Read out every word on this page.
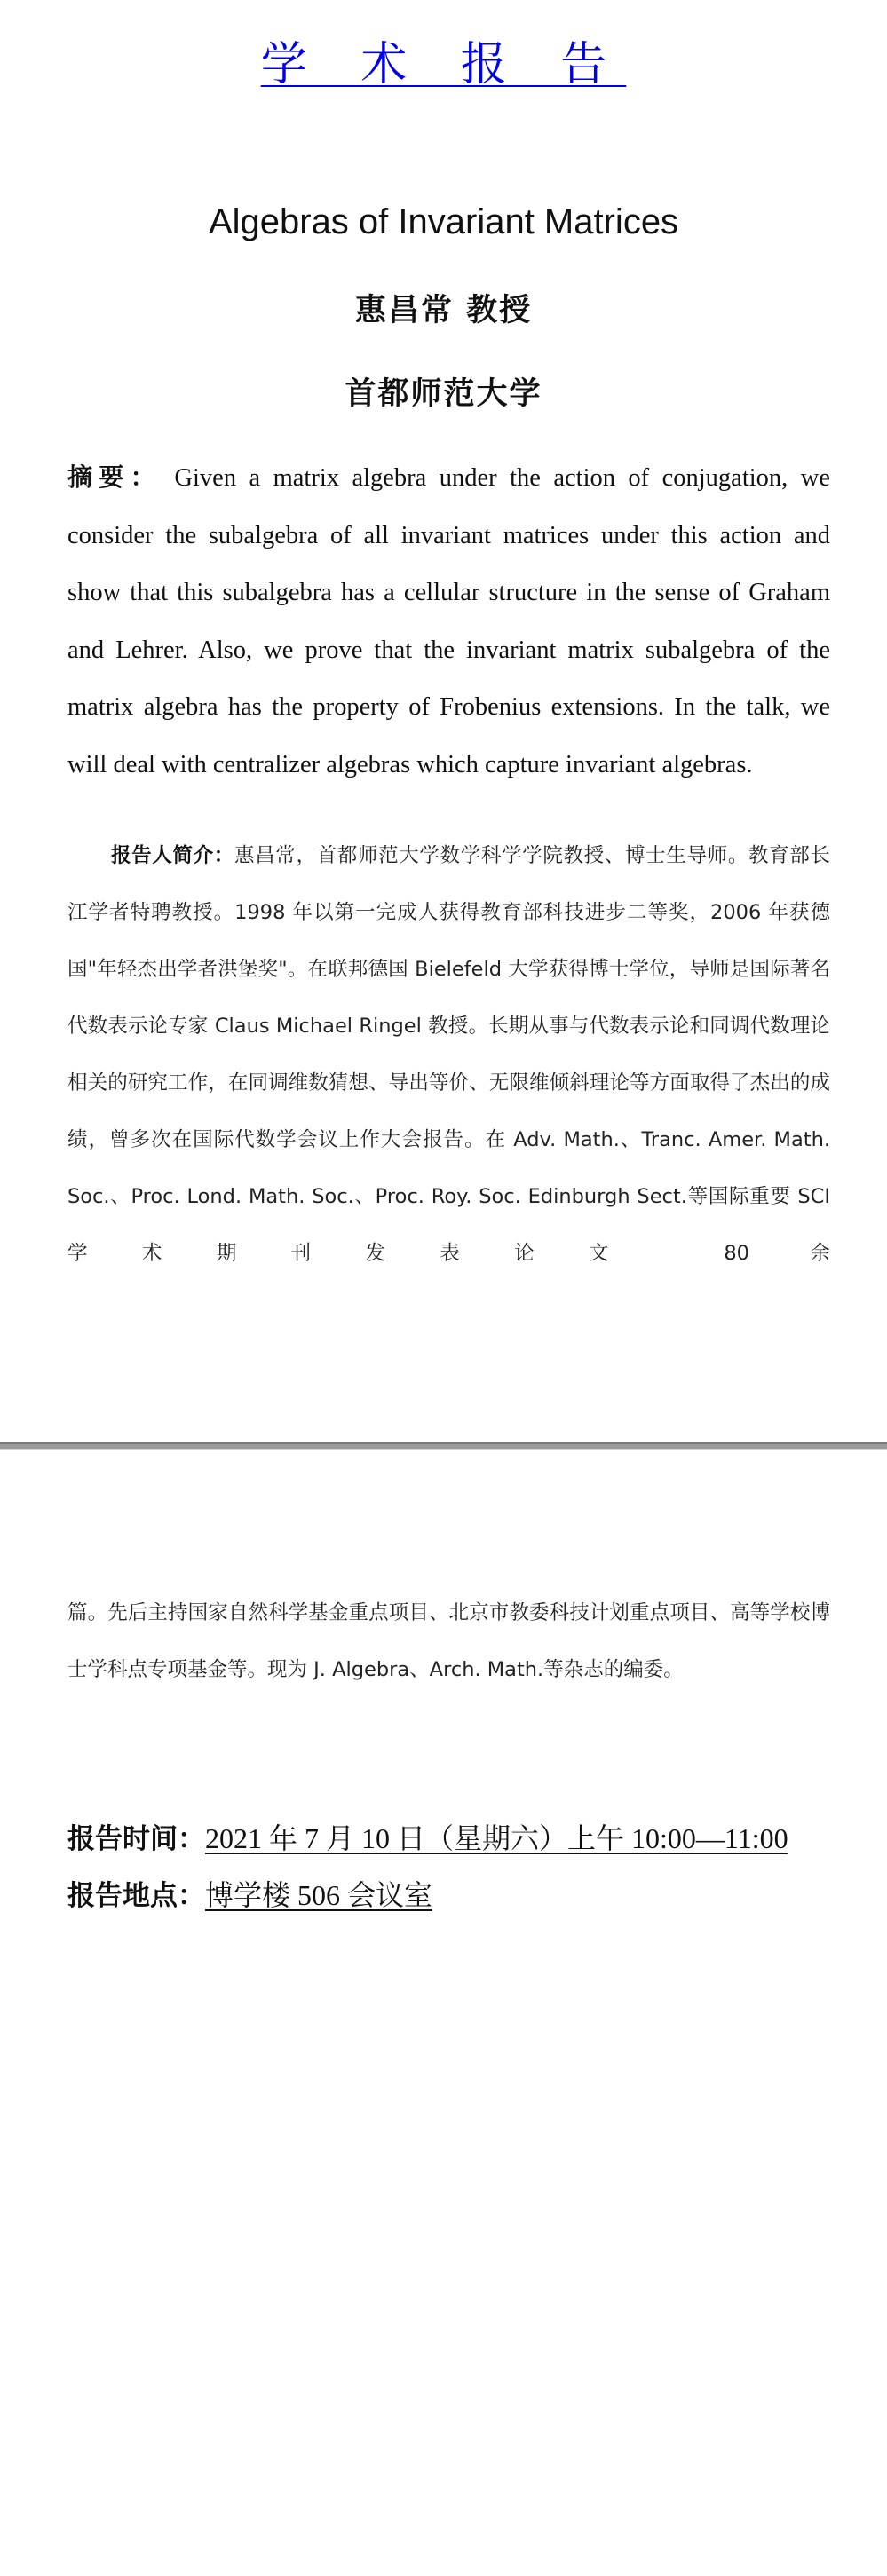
学 术 报 告
Algebras of Invariant Matrices
惠昌常 教授
首都师范大学

摘要： Given a matrix algebra under the action of conjugation, we consider the subalgebra of all invariant matrices under this action and show that this subalgebra has a cellular structure in the sense of Graham and Lehrer. Also, we prove that the invariant matrix subalgebra of the matrix algebra has the property of Frobenius extensions. In the talk, we will deal with centralizer algebras which capture invariant algebras.

报告人简介：惠昌常，首都师范大学数学科学学院教授、博士生导师。教育部长江学者特聘教授。1998 年以第一完成人获得教育部科技进步二等奖，2006 年获德国"年轻杰出学者洪堡奖"。在联邦德国 Bielefeld 大学获得博士学位，导师是国际著名代数表示论专家 Claus Michael Ringel 教授。长期从事与代数表示论和同调代数理论相关的研究工作，在同调维数猜想、导出等价、无限维倾斜理论等方面取得了杰出的成绩，曾多次在国际代数学会议上作大会报告。在 Adv. Math.、Tranc. Amer. Math. Soc.、Proc. Lond. Math. Soc.、Proc. Roy. Soc. Edinburgh Sect.等国际重要 SCI 学术期刊发表论文 80 余

篇。先后主持国家自然科学基金重点项目、北京市教委科技计划重点项目、高等学校博士学科点专项基金等。现为 J. Algebra、Arch. Math.等杂志的编委。

报告时间：2021 年 7 月 10 日（星期六）上午 10:00—11:00
报告地点：博学楼 506 会议室
